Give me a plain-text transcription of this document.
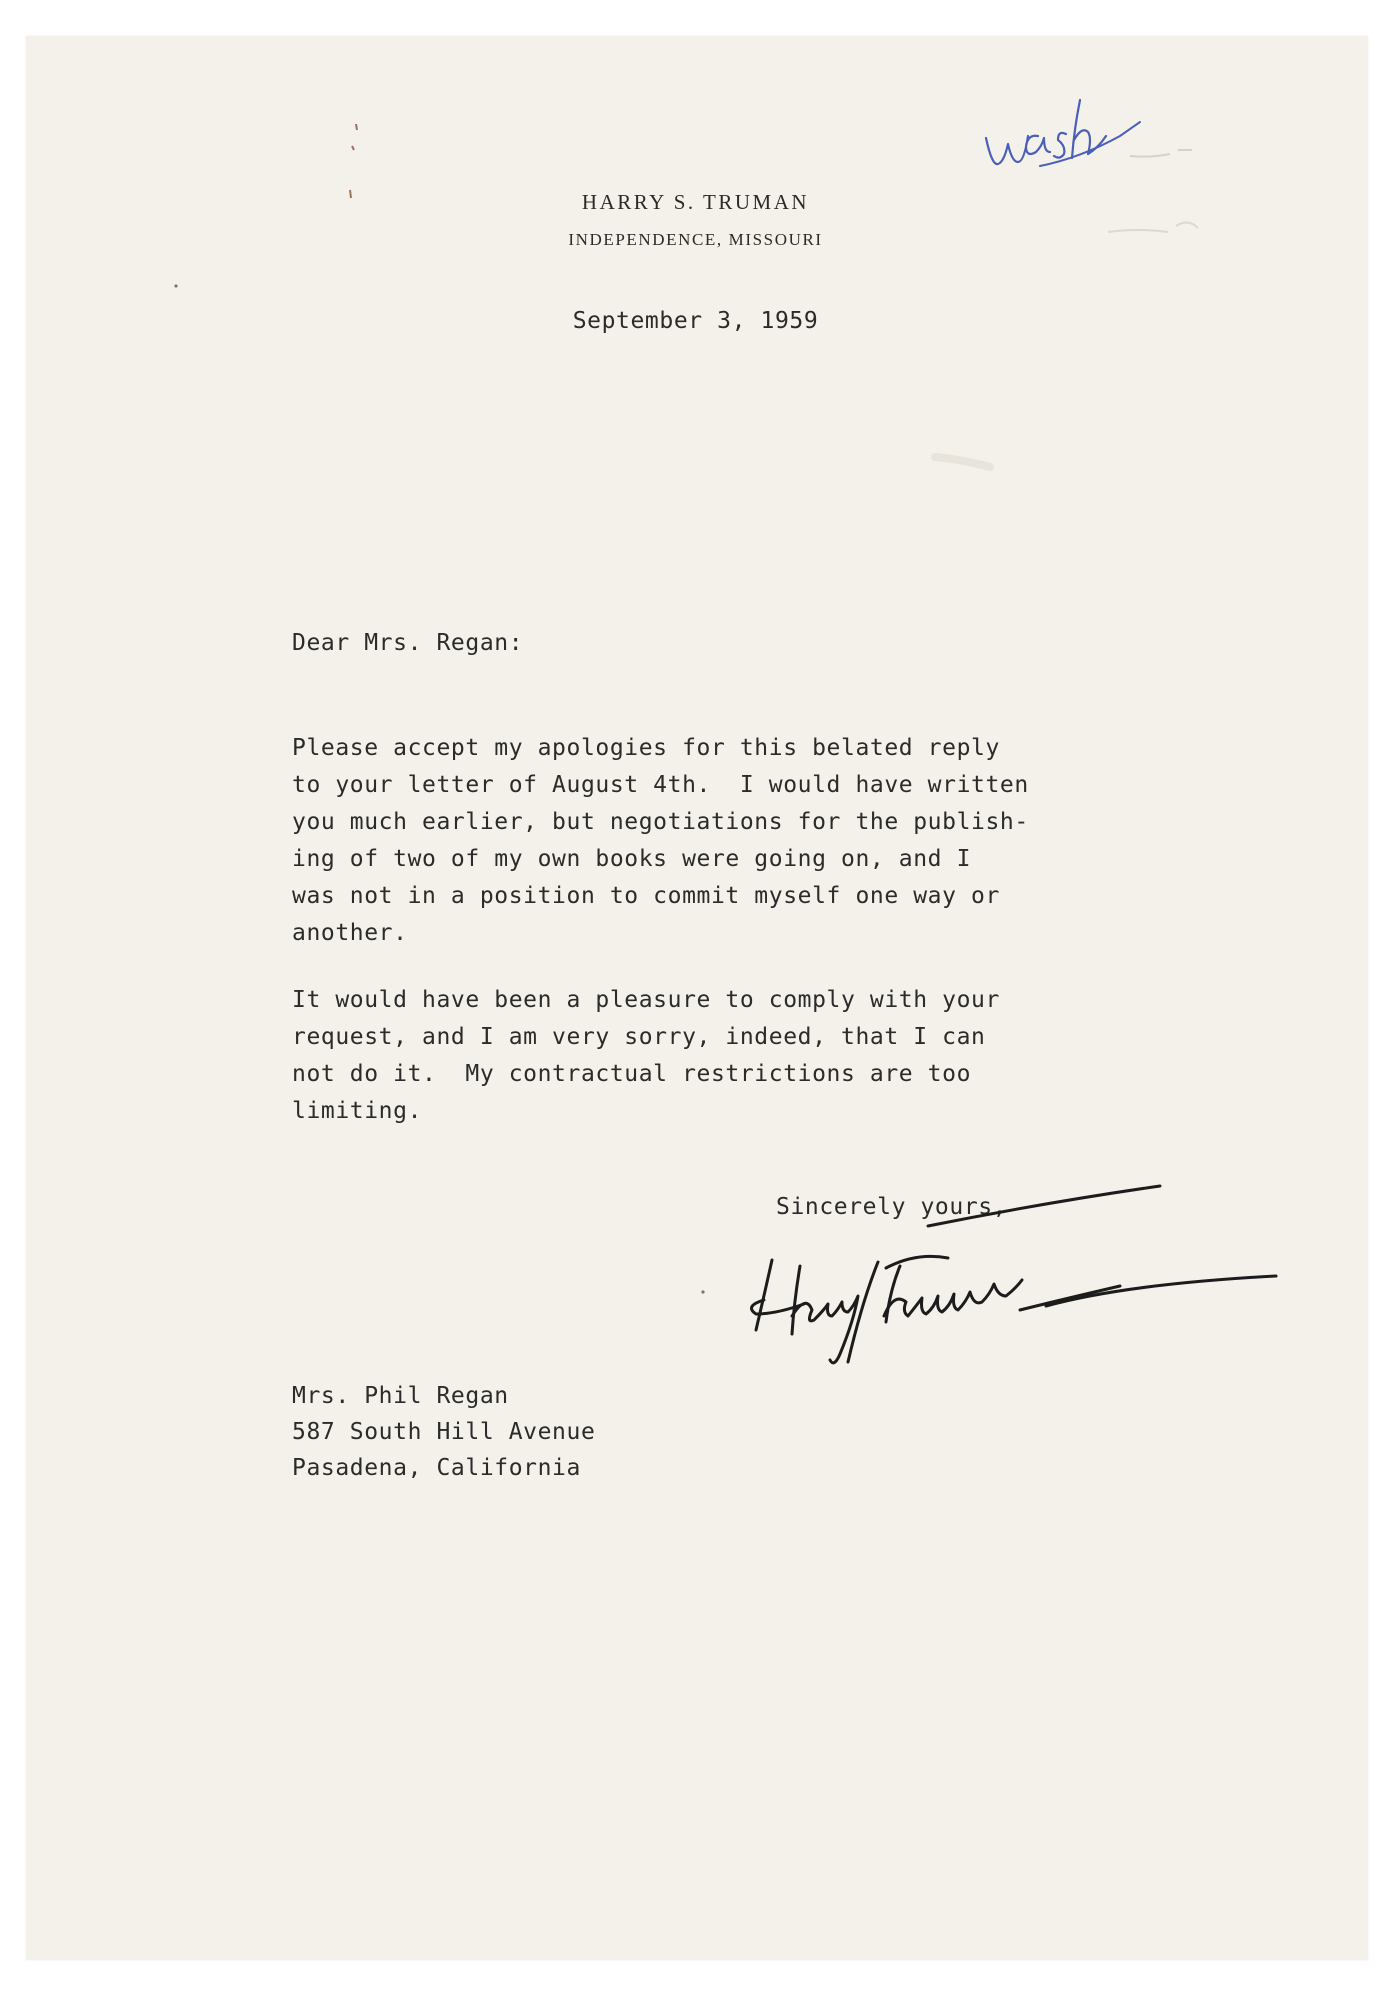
HARRY S. TRUMAN
INDEPENDENCE, MISSOURI
September 3, 1959
Dear Mrs. Regan:
Please accept my apologies for this belated reply
to your letter of August 4th.  I would have written
you much earlier, but negotiations for the publish-
ing of two of my own books were going on, and I
was not in a position to commit myself one way or
another.
It would have been a pleasure to comply with your
request, and I am very sorry, indeed, that I can
not do it.  My contractual restrictions are too
limiting.
Sincerely yours,
Mrs. Phil Regan
587 South Hill Avenue
Pasadena, California
